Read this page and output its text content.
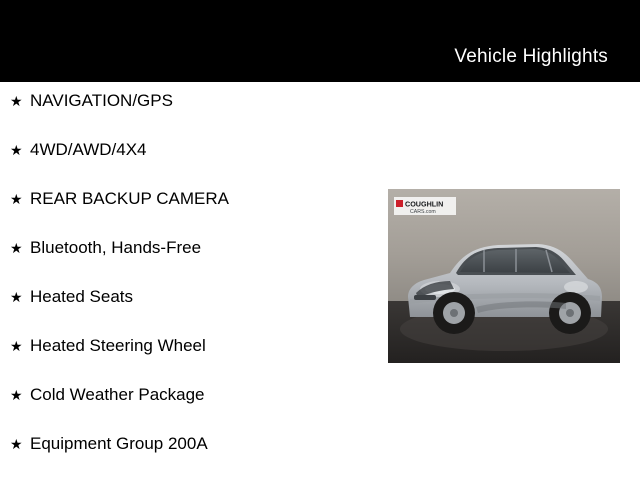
Vehicle Highlights
★ NAVIGATION/GPS
★ 4WD/AWD/4X4
★ REAR BACKUP CAMERA
★ Bluetooth, Hands-Free
★ Heated Seats
★ Heated Steering Wheel
★ Cold Weather Package
★ Equipment Group 200A
COUGHLIN
CARS.com
